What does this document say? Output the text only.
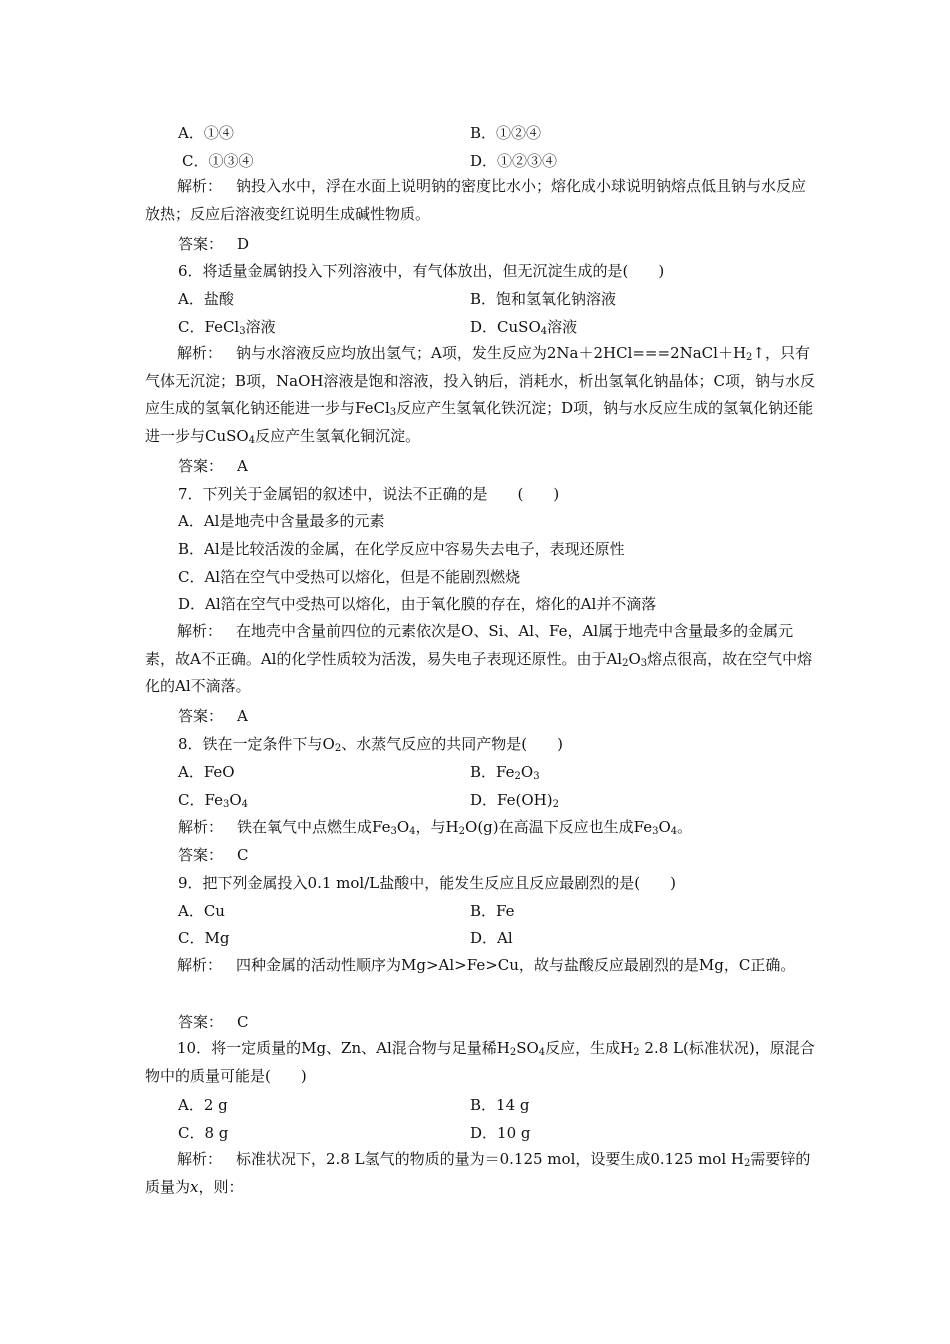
A．①④	B．①②④
C．①③④	D．①②③④
解析： 钠投入水中，浮在水面上说明钠的密度比水小；熔化成小球说明钠熔点低且钠与水反应放热；反应后溶液变红说明生成碱性物质。
答案： D
6．将适量金属钠投入下列溶液中，有气体放出，但无沉淀生成的是(　　)
A．盐酸	B．饱和氢氧化钠溶液
C．FeCl$_3$溶液	D．CuSO$_4$溶液
解析： 钠与水溶液反应均放出氢气；A项，发生反应为$2Na+2HCl===2NaCl+H_2↑$，只有气体无沉淀；B项，NaOH溶液是饱和溶液，投入钠后，消耗水，析出氢氧化钠晶体；C项，钠与水反应生成的氢氧化钠还能进一步与FeCl$_3$反应产生氢氧化铁沉淀；D项，钠与水反应生成的氢氧化钠还能进一步与CuSO$_4$反应产生氢氧化铜沉淀。
答案： A
7．下列关于金属铝的叙述中，说法不正确的是　　(　　)
A．Al是地壳中含量最多的元素
B．Al是比较活泼的金属，在化学反应中容易失去电子，表现还原性
C．Al箔在空气中受热可以熔化，但是不能剧烈燃烧
D．Al箔在空气中受热可以熔化，由于氧化膜的存在，熔化的Al并不滴落
解析： 在地壳中含量前四位的元素依次是O、Si、Al、Fe，Al属于地壳中含量最多的金属元素，故A不正确。Al的化学性质较为活泼，易失电子表现还原性。由于$Al_2O_3$熔点很高，故在空气中熔化的Al不滴落。
答案： A
8．铁在一定条件下与$O_2$、水蒸气反应的共同产物是(　　)
A．FeO	B．$Fe_2O_3$
C．$Fe_3O_4$	D．$Fe(OH)_2$
解析： 铁在氧气中点燃生成$Fe_3O_4$，与$H_2O(g)$在高温下反应也生成$Fe_3O_4$。
答案： C
9．把下列金属投入0.1 mol/L盐酸中，能发生反应且反应最剧烈的是(　　)
A．Cu	B．Fe
C．Mg	D．Al
解析： 四种金属的活动性顺序为Mg>Al>Fe>Cu，故与盐酸反应最剧烈的是Mg，C正确。
答案： C
10．将一定质量的Mg、Zn、Al混合物与足量稀$H_2SO_4$反应，生成$H_2$ 2.8 L(标准状况)，原混合物中的质量可能是(　　)
A．2 g	B．14 g
C．8 g	D．10 g
解析： 标准状况下，2.8 L氢气的物质的量为＝0.125 mol，设要生成0.125 mol $H_2$需要锌的质量为x，则：
